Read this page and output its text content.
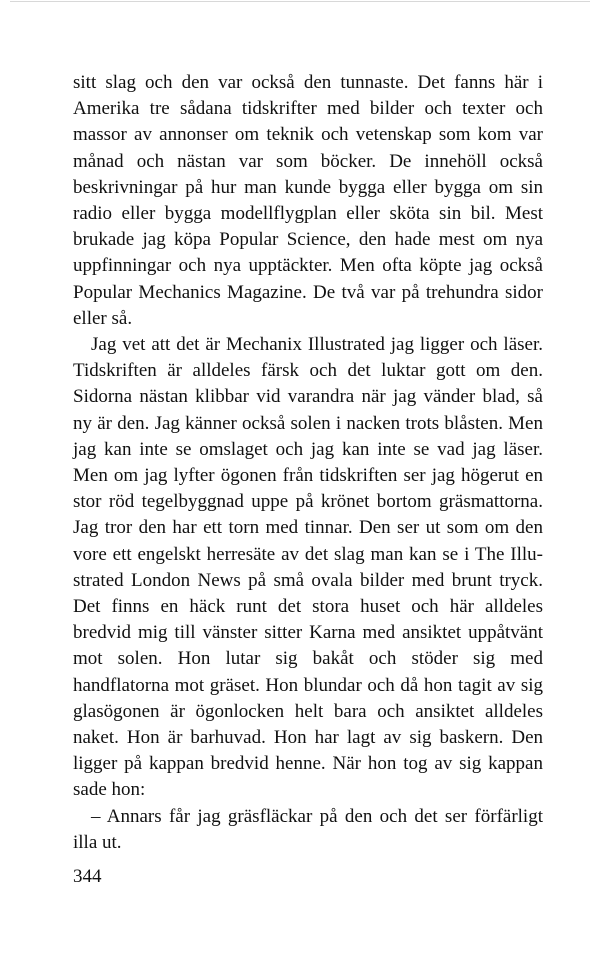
sitt slag och den var också den tunnaste. Det fanns här i Amerika tre sådana tidskrifter med bilder och texter och massor av annonser om teknik och vetenskap som kom var månad och nästan var som böcker. De innehöll också beskrivningar på hur man kunde bygga eller bygga om sin radio eller bygga modellflygplan eller sköta sin bil. Mest brukade jag köpa Popular Science, den hade mest om nya uppfinningar och nya upptäckter. Men ofta köpte jag också Popular Mechanics Magazine. De två var på trehundra sidor eller så.

Jag vet att det är Mechanix Illustrated jag ligger och läser. Tidskriften är alldeles färsk och det luktar gott om den. Sidorna nästan klibbar vid varandra när jag vänder blad, så ny är den. Jag känner också solen i nacken trots blåsten. Men jag kan inte se omslaget och jag kan inte se vad jag läser. Men om jag lyfter ögonen från tidskriften ser jag högerut en stor röd tegelbyggnad uppe på krönet bortom gräsmattorna. Jag tror den har ett torn med tinnar. Den ser ut som om den vore ett engelskt herresäte av det slag man kan se i The Illustrated London News på små ovala bilder med brunt tryck. Det finns en häck runt det stora huset och här alldeles bredvid mig till vänster sitter Karna med ansiktet uppåtvänt mot solen. Hon lutar sig bakåt och stöder sig med handflatorna mot gräset. Hon blundar och då hon tagit av sig glasögonen är ögonlocken helt bara och ansiktet alldeles naket. Hon är barhuvad. Hon har lagt av sig baskern. Den ligger på kappan bredvid henne. När hon tog av sig kappan sade hon:

– Annars får jag gräsfläckar på den och det ser förfärligt illa ut.

344
